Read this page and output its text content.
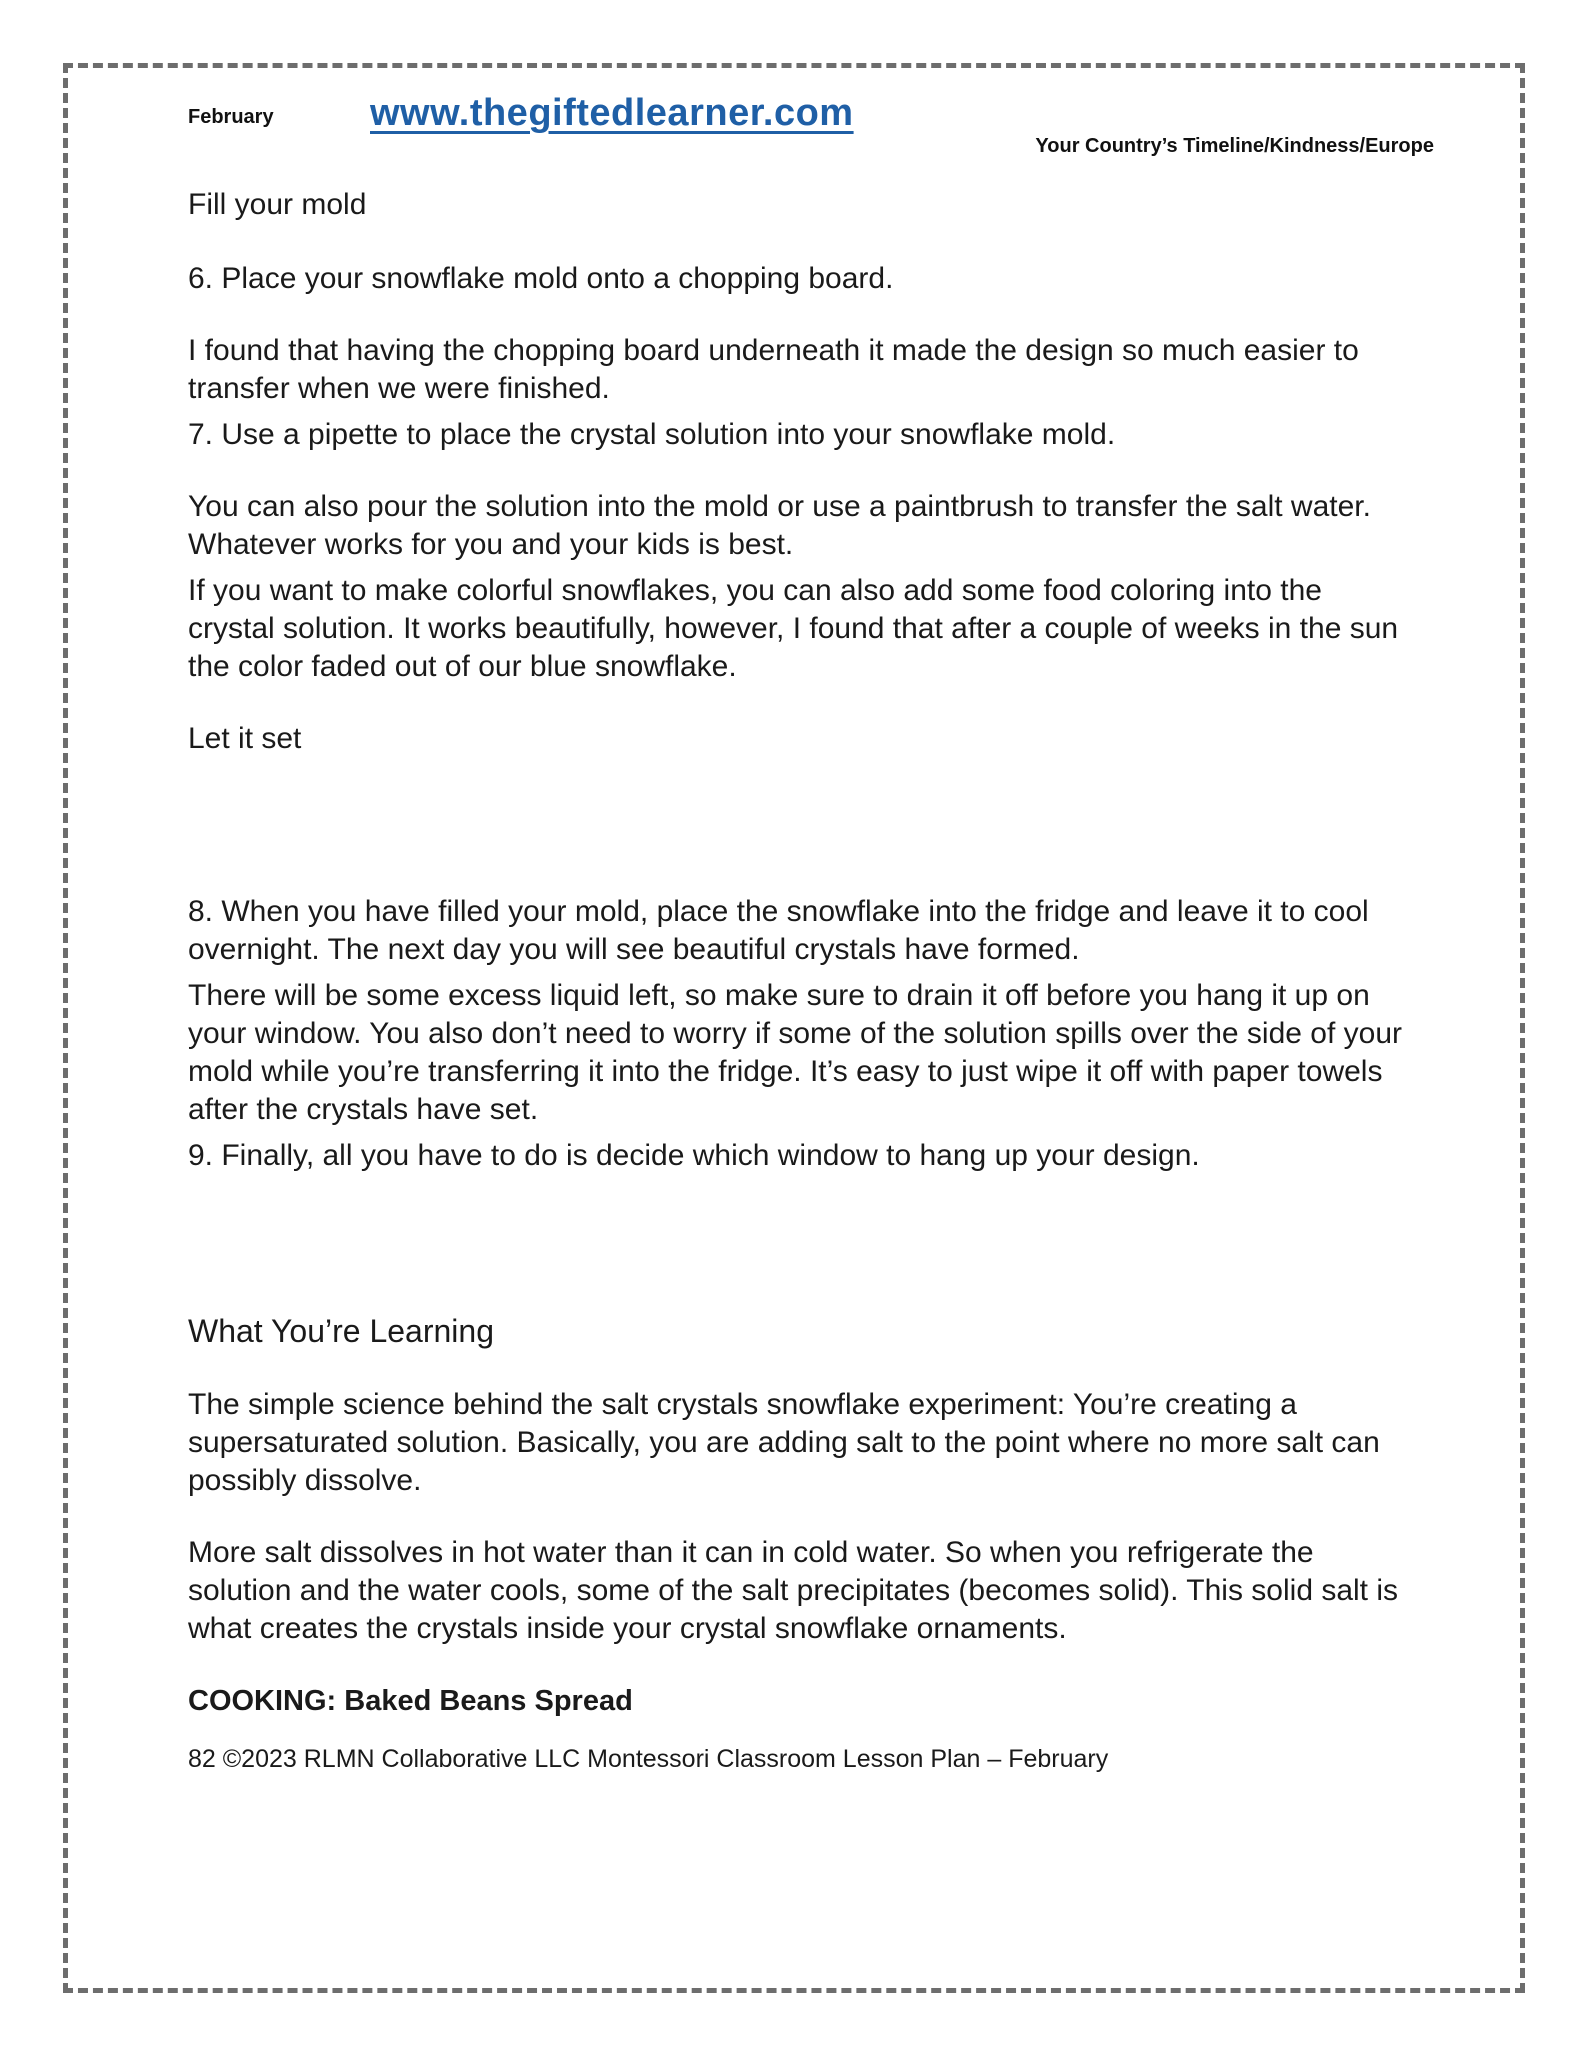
February	www.thegiftedlearner.com
Your Country’s Timeline/Kindness/Europe

Fill your mold

6. Place your snowflake mold onto a chopping board.

I found that having the chopping board underneath it made the design so much easier to transfer when we were finished.

7. Use a pipette to place the crystal solution into your snowflake mold.

You can also pour the solution into the mold or use a paintbrush to transfer the salt water. Whatever works for you and your kids is best.

If you want to make colorful snowflakes, you can also add some food coloring into the crystal solution. It works beautifully, however, I found that after a couple of weeks in the sun the color faded out of our blue snowflake.

Let it set

8. When you have filled your mold, place the snowflake into the fridge and leave it to cool overnight. The next day you will see beautiful crystals have formed.

There will be some excess liquid left, so make sure to drain it off before you hang it up on your window. You also don’t need to worry if some of the solution spills over the side of your mold while you’re transferring it into the fridge. It’s easy to just wipe it off with paper towels after the crystals have set.

9. Finally, all you have to do is decide which window to hang up your design.

What You’re Learning

The simple science behind the salt crystals snowflake experiment: You’re creating a supersaturated solution. Basically, you are adding salt to the point where no more salt can possibly dissolve.

More salt dissolves in hot water than it can in cold water. So when you refrigerate the solution and the water cools, some of the salt precipitates (becomes solid). This solid salt is what creates the crystals inside your crystal snowflake ornaments.

COOKING: Baked Beans Spread

82 ©2023 RLMN Collaborative LLC Montessori Classroom Lesson Plan – February
